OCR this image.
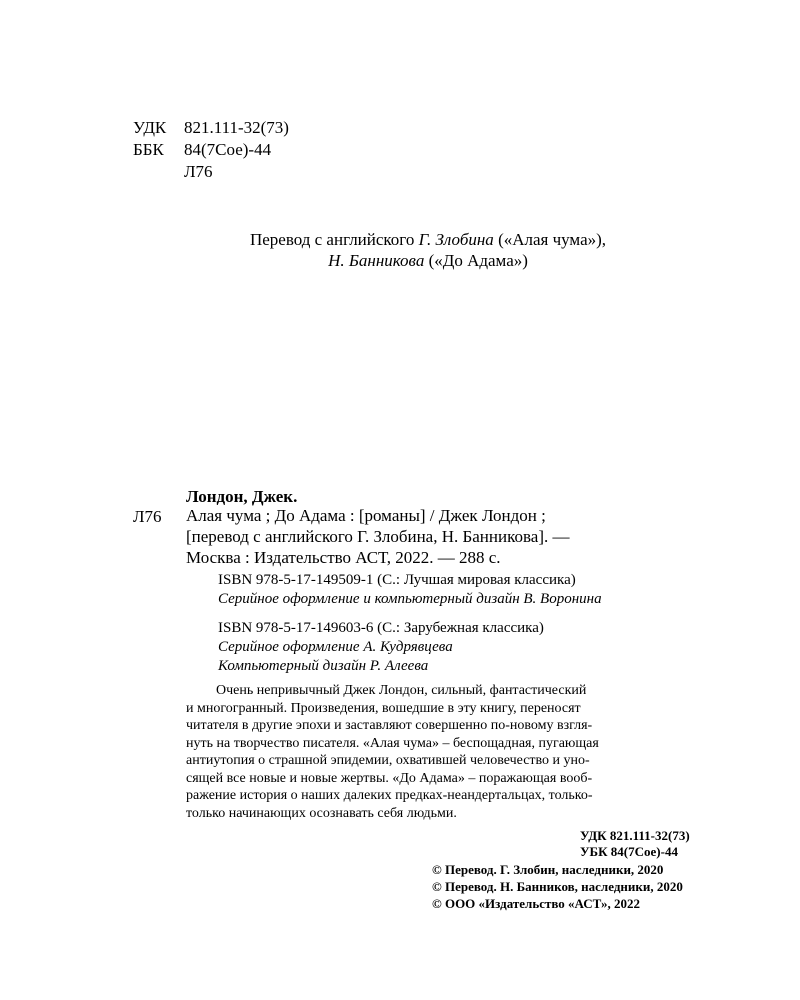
УДК	821.111-32(73)
ББК	84(7Сое)-44
Л76
Перевод с английского Г. Злобина («Алая чума»),
Н. Банникова («До Адама»)
Лондон, Джек.
Л76 Алая чума ; До Адама : [романы] / Джек Лондон ;
[перевод с английского Г. Злобина, Н. Банникова]. —
Москва : Издательство АСТ, 2022. — 288 с.
ISBN 978-5-17-149509-1 (С.: Лучшая мировая классика)
Серийное оформление и компьютерный дизайн В. Воронина
ISBN 978-5-17-149603-6 (С.: Зарубежная классика)
Серийное оформление А. Кудрявцева
Компьютерный дизайн Р. Алеева
Очень непривычный Джек Лондон, сильный, фантастический
и многогранный. Произведения, вошедшие в эту книгу, переносят
читателя в другие эпохи и заставляют совершенно по-новому взгля-
нуть на творчество писателя. «Алая чума» – беспощадная, пугающая
антиутопия о страшной эпидемии, охватившей человечество и уно-
сящей все новые и новые жертвы. «До Адама» – поражающая вооб-
ражение история о наших далеких предках-неандертальцах, только-
только начинающих осознавать себя людьми.
УДК 821.111-32(73)
УБК 84(7Сое)-44
© Перевод. Г. Злобин, наследники, 2020
© Перевод. Н. Банников, наследники, 2020
© ООО «Издательство «АСТ», 2022
